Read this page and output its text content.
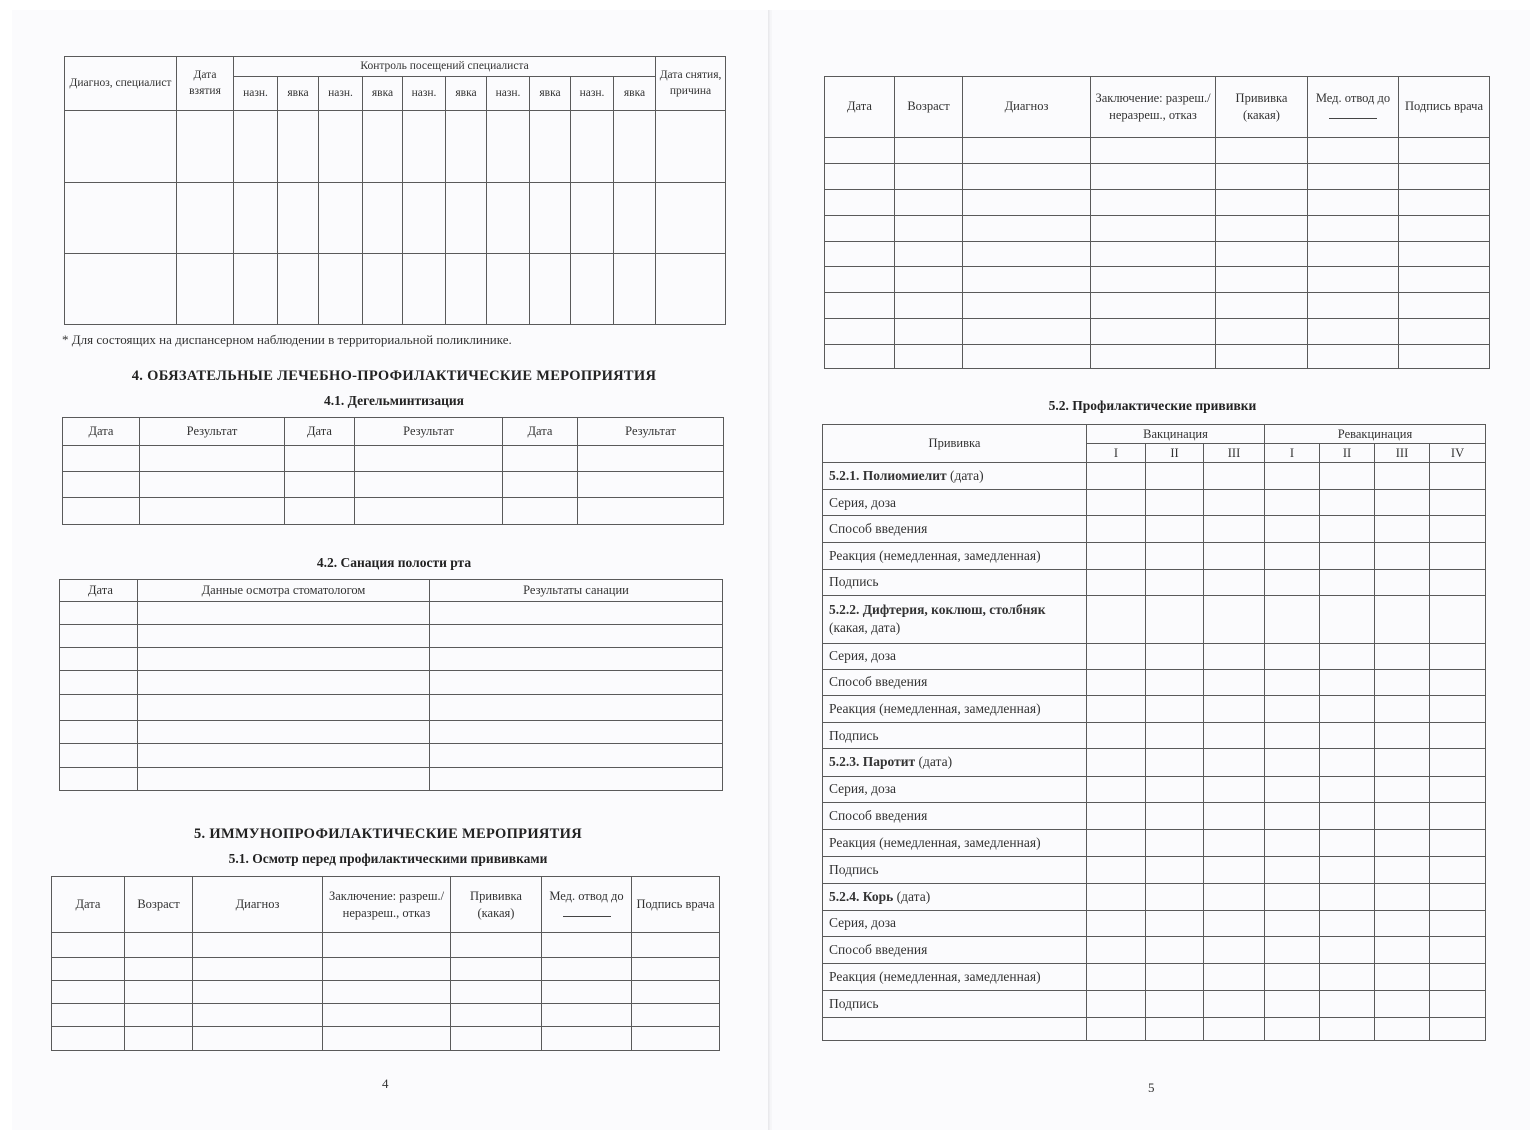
Диагноз, специалист	Дата взятия	Контроль посещений специалиста										Дата снятия, причина
		назн.	явка	назн.	явка	назн.	явка	назн.	явка	назн.	явка	

* Для состоящих на диспансерном наблюдении в территориальной поликлинике.
4. ОБЯЗАТЕЛЬНЫЕ ЛЕЧЕБНО-ПРОФИЛАКТИЧЕСКИЕ МЕРОПРИЯТИЯ
4.1. Дегельминтизация
Дата	Результат	Дата	Результат	Дата	Результат

4.2. Санация полости рта
Дата	Данные осмотра стоматологом	Результаты санации

5. ИММУНОПРОФИЛАКТИЧЕСКИЕ МЕРОПРИЯТИЯ
5.1. Осмотр перед профилактическими прививками
Дата	Возраст	Диагноз	Заключение: разреш./неразреш., отказ	Прививка (какая)	Мед. отвод до	Подпись врача

4
Дата	Возраст	Диагноз	Заключение: разреш./неразреш., отказ	Прививка (какая)	Мед. отвод до	Подпись врача

5.2. Профилактические прививки
Прививка	Вакцинация			Ревакцинация			
	I	II	III	I	II	III	IV
5.2.1. Полиомиелит (дата)							
Серия, доза							
Способ введения							
Реакция (немедленная, замедленная)							
Подпись							
5.2.2. Дифтерия, коклюш, столбняк (какая, дата)							
Серия, доза							
Способ введения							
Реакция (немедленная, замедленная)							
Подпись							
5.2.3. Паротит (дата)							
Серия, доза							
Способ введения							
Реакция (немедленная, замедленная)							
Подпись							
5.2.4. Корь (дата)							
Серия, доза							
Способ введения							
Реакция (немедленная, замедленная)							
Подпись							

5
